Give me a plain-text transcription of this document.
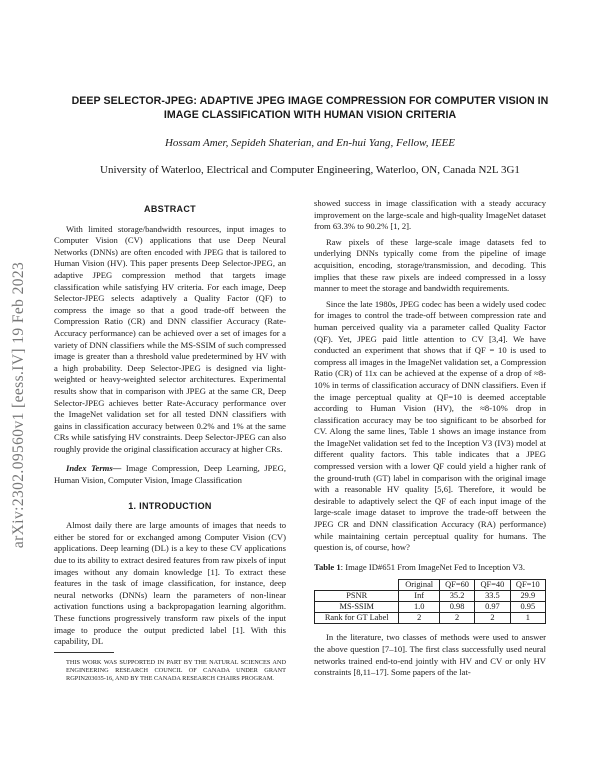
arXiv:2302.09560v1 [eess.IV] 19 Feb 2023
DEEP SELECTOR-JPEG: ADAPTIVE JPEG IMAGE COMPRESSION FOR COMPUTER VISION IN IMAGE CLASSIFICATION WITH HUMAN VISION CRITERIA
Hossam Amer, Sepideh Shaterian, and En-hui Yang, Fellow, IEEE
University of Waterloo, Electrical and Computer Engineering, Waterloo, ON, Canada N2L 3G1
ABSTRACT

With limited storage/bandwidth resources, input images to Computer Vision (CV) applications that use Deep Neural Networks (DNNs) are often encoded with JPEG that is tailored to Human Vision (HV). This paper presents Deep Selector-JPEG, an adaptive JPEG compression method that targets image classification while satisfying HV criteria. For each image, Deep Selector-JPEG selects adaptively a Quality Factor (QF) to compress the image so that a good trade-off between the Compression Ratio (CR) and DNN classifier Accuracy (Rate-Accuracy performance) can be achieved over a set of images for a variety of DNN classifiers while the MS-SSIM of such compressed image is greater than a threshold value predetermined by HV with a high probability. Deep Selector-JPEG is designed via light-weighted or heavy-weighted selector architectures. Experimental results show that in comparison with JPEG at the same CR, Deep Selector-JPEG achieves better Rate-Accuracy performance over the ImageNet validation set for all tested DNN classifiers with gains in classification accuracy between 0.2% and 1% at the same CRs while satisfying HV constraints. Deep Selector-JPEG can also roughly provide the original classification accuracy at higher CRs.

Index Terms— Image Compression, Deep Learning, JPEG, Human Vision, Computer Vision, Image Classification

1. INTRODUCTION

Almost daily there are large amounts of images that needs to either be stored for or exchanged among Computer Vision (CV) applications. Deep learning (DL) is a key to these CV applications due to its ability to extract desired features from raw pixels of input images without any domain knowledge [1]. To extract these features in the task of image classification, for instance, deep neural networks (DNNs) learn the parameters of non-linear activation functions using a backpropagation learning algorithm. These functions progressively transform raw pixels of the input image to produce the output predicted label [1]. With this capability, DL

THIS WORK WAS SUPPORTED IN PART BY THE NATURAL SCIENCES AND ENGINEERING RESEARCH COUNCIL OF CANADA UNDER GRANT RGPIN203035-16, AND BY THE CANADA RESEARCH CHAIRS PROGRAM.

showed success in image classification with a steady accuracy improvement on the large-scale and high-quality ImageNet dataset from 63.3% to 90.2% [1, 2].

Raw pixels of these large-scale image datasets fed to underlying DNNs typically come from the pipeline of image acquisition, encoding, storage/transmission, and decoding. This implies that these raw pixels are indeed compressed in a lossy manner to meet the storage and bandwidth requirements.

Since the late 1980s, JPEG codec has been a widely used codec for images to control the trade-off between compression rate and human perceived quality via a parameter called Quality Factor (QF). Yet, JPEG paid little attention to CV [3,4]. We have conducted an experiment that shows that if QF = 10 is used to compress all images in the ImageNet validation set, a Compression Ratio (CR) of 11x can be achieved at the expense of a drop of ≈8-10% in terms of classification accuracy of DNN classifiers. Even if the image perceptual quality at QF=10 is deemed acceptable according to Human Vision (HV), the ≈8-10% drop in classification accuracy may be too significant to be absorbed for CV. Along the same lines, Table 1 shows an image instance from the ImageNet validation set fed to the Inception V3 (IV3) model at different quality factors. This table indicates that a JPEG compressed version with a lower QF could yield a higher rank of the ground-truth (GT) label in comparison with the original image with a reasonable HV quality [5,6]. Therefore, it would be desirable to adaptively select the QF of each input image of the large-scale image dataset to improve the trade-off between the JPEG CR and DNN classification Accuracy (RA) performance) while maintaining certain perceptual quality for humans. The question is, of course, how?

Table 1: Image ID#651 From ImageNet Fed to Inception V3.
	Original	QF=60	QF=40	QF=10
PSNR	Inf	35.2	33.5	29.9
MS-SSIM	1.0	0.98	0.97	0.95
Rank for GT Label	2	2	2	1

In the literature, two classes of methods were used to answer the above question [7–10]. The first class successfully used neural networks trained end-to-end jointly with HV and CV or only HV constraints [8,11–17]. Some papers of the lat-
